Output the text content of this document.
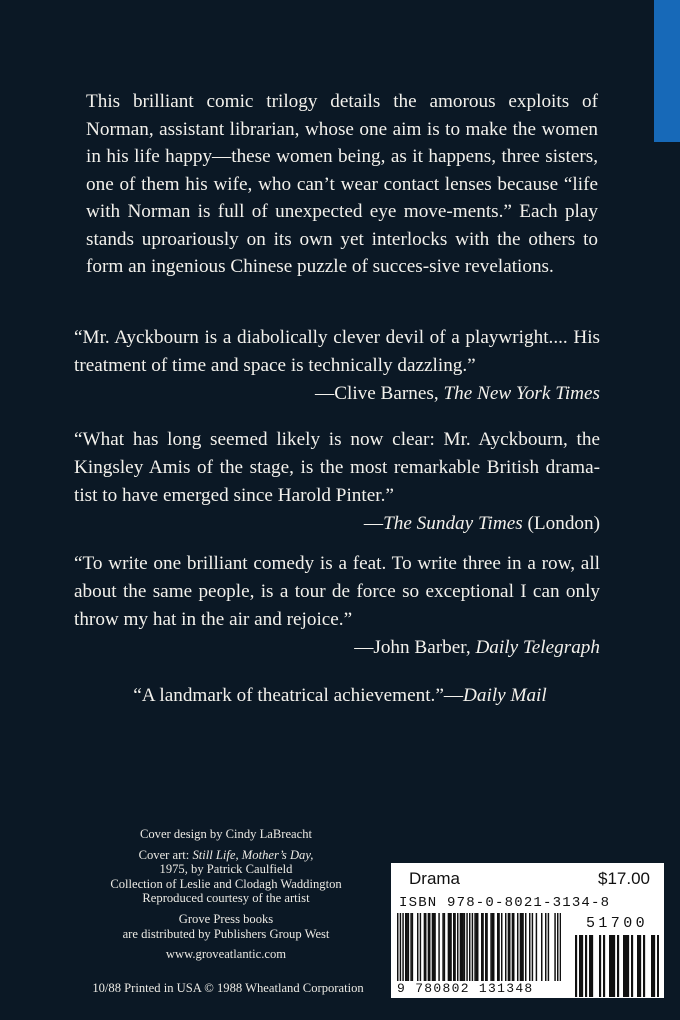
This brilliant comic trilogy details the amorous exploits of Norman, assistant librarian, whose one aim is to make the women in his life happy—these women being, as it happens, three sisters, one of them his wife, who can’t wear contact lenses because “life with Norman is full of unexpected eye move-ments.” Each play stands uproariously on its own yet interlocks with the others to form an ingenious Chinese puzzle of succes-sive revelations.

“Mr. Ayckbourn is a diabolically clever devil of a playwright.... His treatment of time and space is technically dazzling.”

—Clive Barnes, The New York Times

“What has long seemed likely is now clear: Mr. Ayckbourn, the Kingsley Amis of the stage, is the most remarkable British drama-tist to have emerged since Harold Pinter.”

—The Sunday Times (London)

“To write one brilliant comedy is a feat. To write three in a row, all about the same people, is a tour de force so exceptional I can only throw my hat in the air and rejoice.”

—John Barber, Daily Telegraph

“A landmark of theatrical achievement.”—Daily Mail

Cover design by Cindy LaBreacht
Cover art: Still Life, Mother’s Day,
1975, by Patrick Caulfield
Collection of Leslie and Clodagh Waddington
Reproduced courtesy of the artist
Grove Press books
are distributed by Publishers Group West
www.groveatlantic.com
10/88 Printed in USA © 1988 Wheatland Corporation
Drama	$17.00
ISBN 978-0-8021-3134-8
9 780802 131348
51700
